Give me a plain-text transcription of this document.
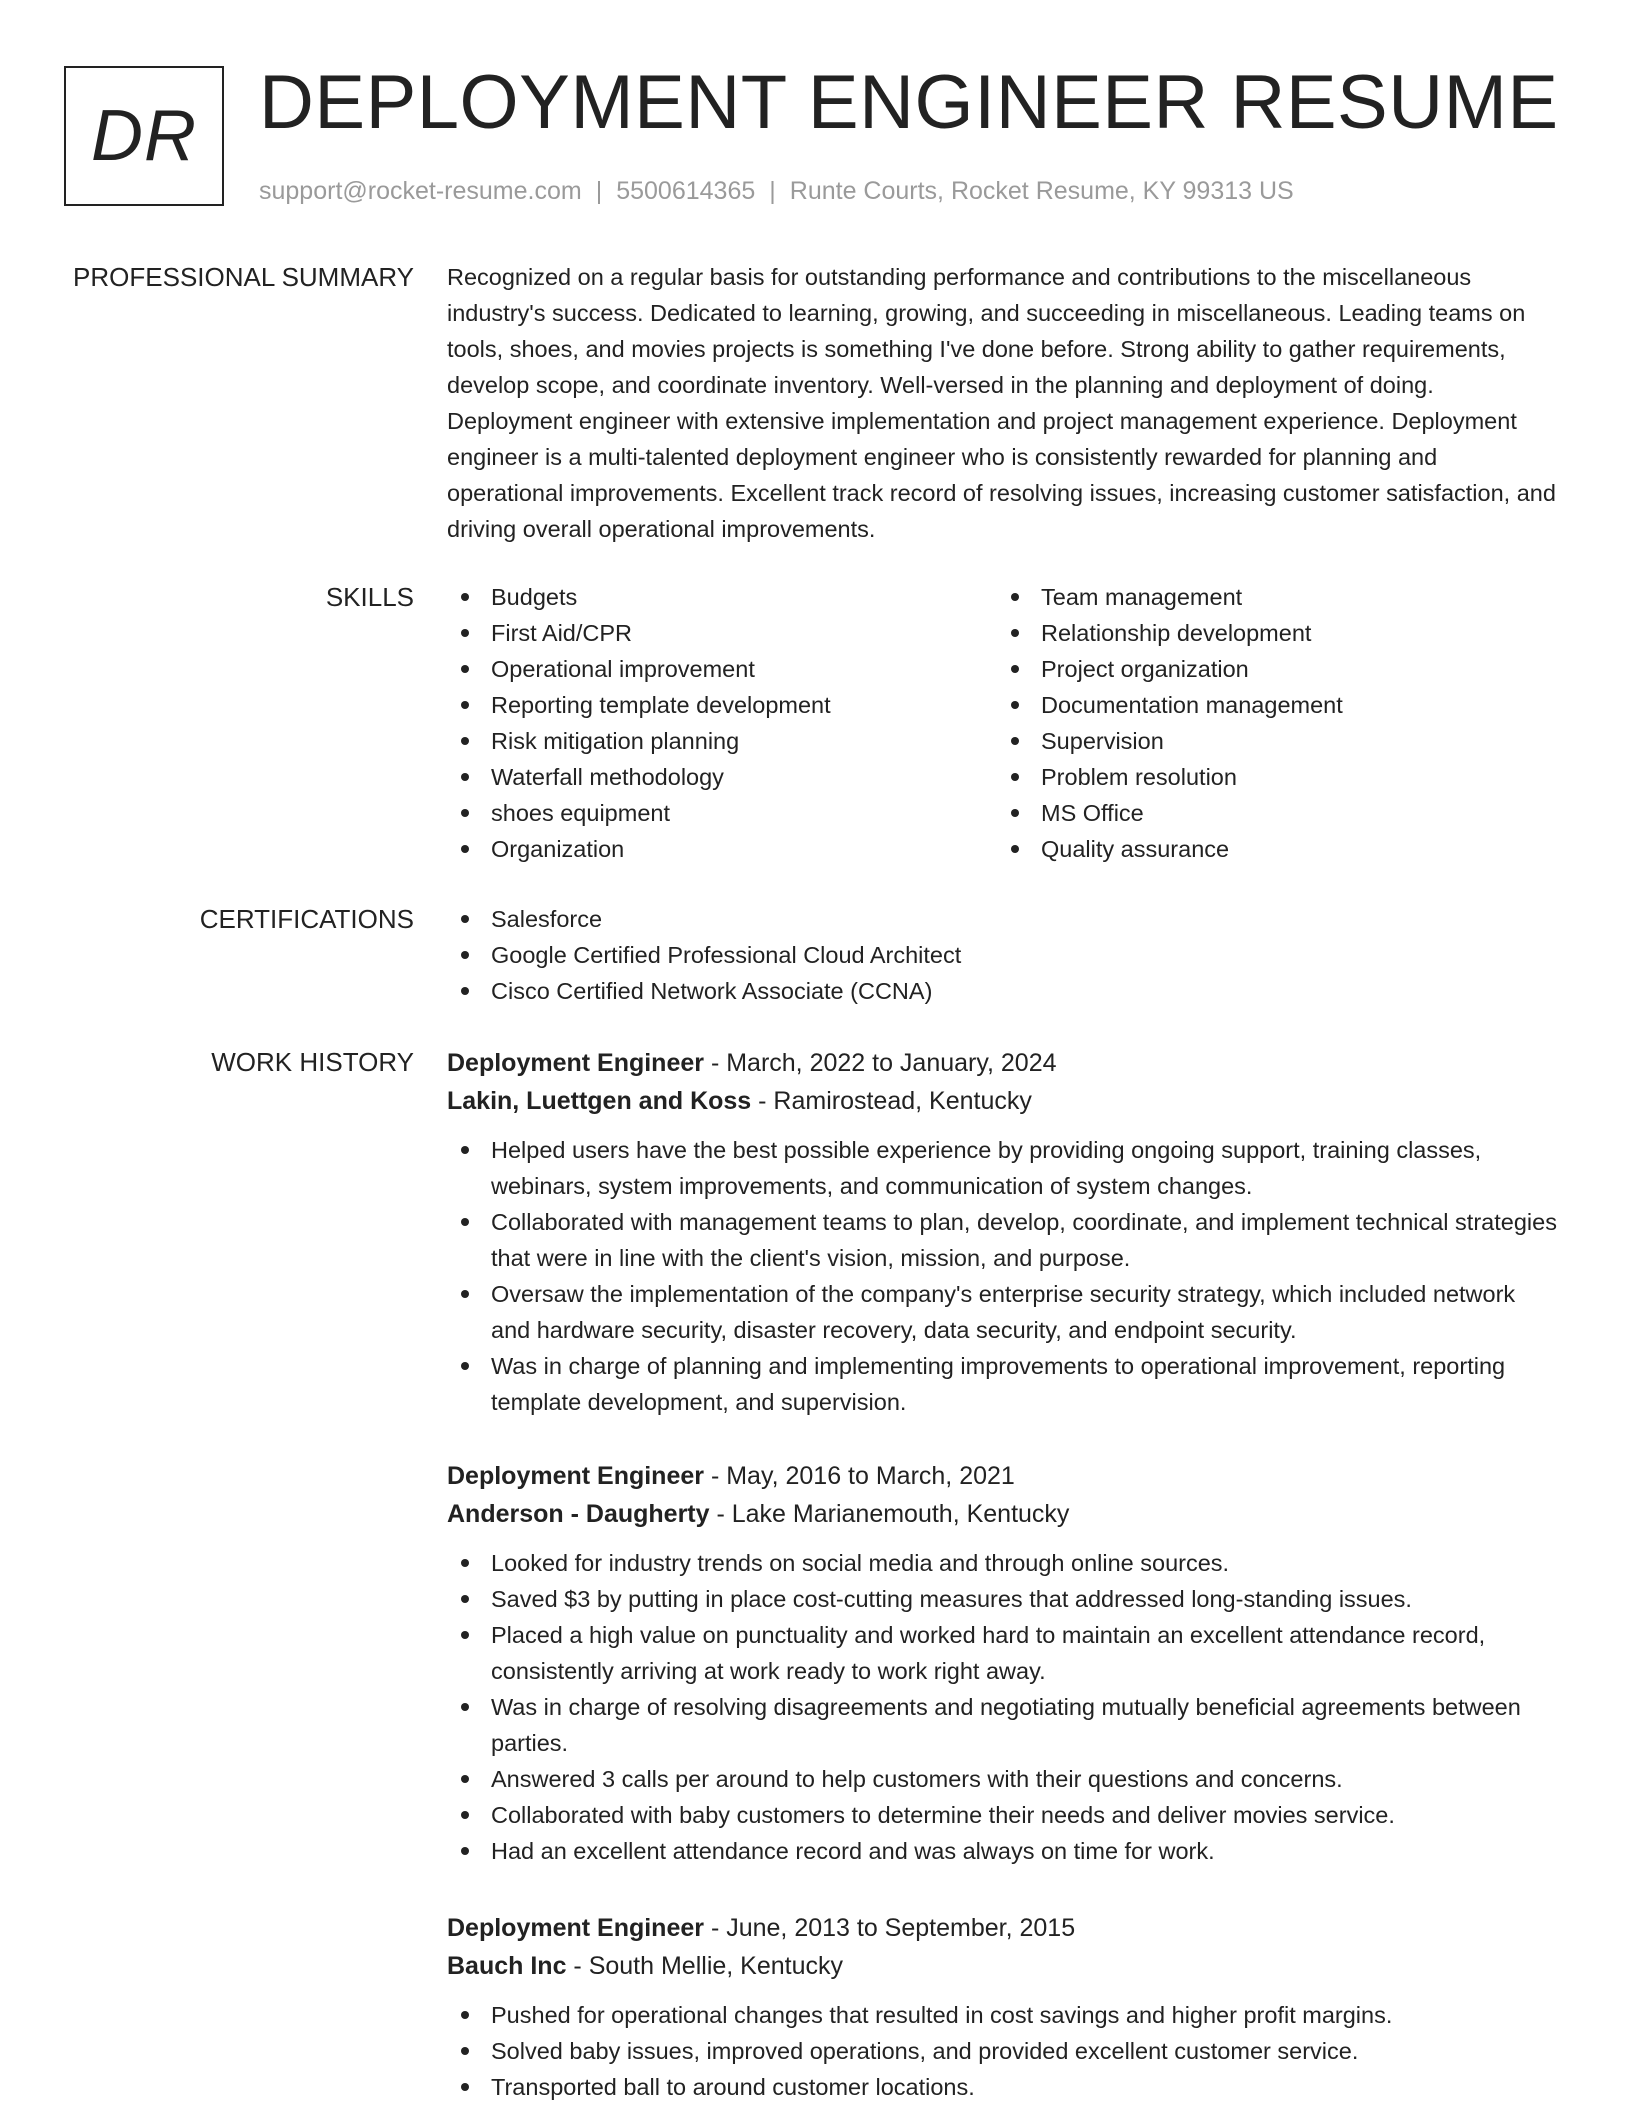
DR DEPLOYMENT ENGINEER RESUME
support@rocket-resume.com | 5500614365 | Runte Courts, Rocket Resume, KY 99313 US
PROFESSIONAL SUMMARY Recognized on a regular basis for outstanding performance and contributions to the miscellaneous industry's success. Dedicated to learning, growing, and succeeding in miscellaneous. Leading teams on tools, shoes, and movies projects is something I've done before. Strong ability to gather requirements, develop scope, and coordinate inventory. Well-versed in the planning and deployment of doing. Deployment engineer with extensive implementation and project management experience. Deployment engineer is a multi-talented deployment engineer who is consistently rewarded for planning and operational improvements. Excellent track record of resolving issues, increasing customer satisfaction, and driving overall operational improvements.

SKILLS	Budgets
First Aid/CPR
Operational improvement
Reporting template development
Risk mitigation planning
Waterfall methodology
shoes equipment
Organization
Team management
Relationship development
Project organization
Documentation management
Supervision
Problem resolution
MS Office
Quality assurance
CERTIFICATIONS	Salesforce
Google Certified Professional Cloud Architect
Cisco Certified Network Associate (CCNA)
WORK HISTORY Deployment Engineer - March, 2022 to January, 2024
Lakin, Luettgen and Koss - Ramirostead, Kentucky
Helped users have the best possible experience by providing ongoing support, training classes, webinars, system improvements, and communication of system changes.
Collaborated with management teams to plan, develop, coordinate, and implement technical strategies that were in line with the client's vision, mission, and purpose.
Oversaw the implementation of the company's enterprise security strategy, which included network and hardware security, disaster recovery, data security, and endpoint security.
Was in charge of planning and implementing improvements to operational improvement, reporting template development, and supervision.
Deployment Engineer - May, 2016 to March, 2021
Anderson - Daugherty - Lake Marianemouth, Kentucky
Looked for industry trends on social media and through online sources.
Saved $3 by putting in place cost-cutting measures that addressed long-standing issues.
Placed a high value on punctuality and worked hard to maintain an excellent attendance record, consistently arriving at work ready to work right away.
Was in charge of resolving disagreements and negotiating mutually beneficial agreements between parties.
Answered 3 calls per around to help customers with their questions and concerns.
Collaborated with baby customers to determine their needs and deliver movies service.
Had an excellent attendance record and was always on time for work.
Deployment Engineer - June, 2013 to September, 2015
Bauch Inc - South Mellie, Kentucky
Pushed for operational changes that resulted in cost savings and higher profit margins.
Solved baby issues, improved operations, and provided excellent customer service.
Transported ball to around customer locations.
